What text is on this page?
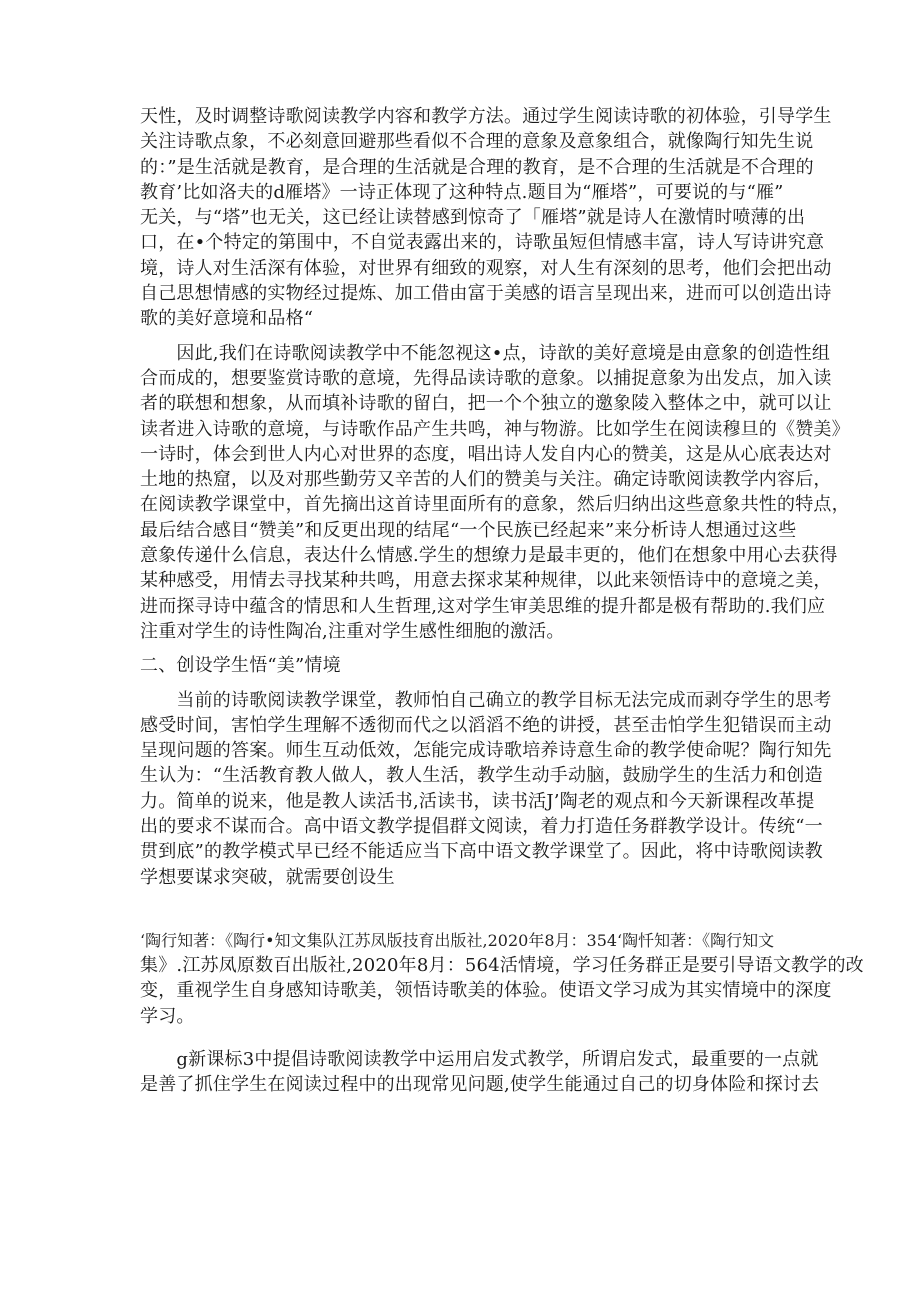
天性，及时调整诗歌阅读教学内容和教学方法。通过学生阅读诗歌的初体验，引导学生
关注诗歌点象，不必刻意回避那些看似不合理的意象及意象组合，就像陶行知先生说
的：”是生活就是教育，是合理的生活就是合理的教育，是不合理的生活就是不合理的
教育’比如洛夫的d雁塔》一诗正体现了这种特点.题目为“雁塔”，可要说的与“雁”
无关，与“塔”也无关，这已经让读替感到惊奇了「雁塔”就是诗人在激情时喷薄的出
口，在•个特定的第围中，不自觉表露出来的，诗歌虽短但情感丰富，诗人写诗讲究意
境，诗人对生活深有体验，对世界有细致的观察，对人生有深刻的思考，他们会把出动
自己思想情感的实物经过提炼、加工借由富于美感的语言呈现出来，进而可以创造出诗
歌的美好意境和品格“
　　因此,我们在诗歌阅读教学中不能忽视这•点，诗歆的美好意境是由意象的创造性组
合而成的，想要鉴赏诗歌的意境，先得品读诗歌的意象。以捕捉意象为出发点，加入读
者的联想和想象，从而填补诗歌的留白，把一个个独立的邀象陵入整体之中，就可以让
读者进入诗歌的意境，与诗歌作品产生共鸣，神与物游。比如学生在阅读穆旦的《赞美》
一诗时，体会到世人内心对世界的态度，唱出诗人发自内心的赞美，这是从心底表达对
土地的热窟，以及对那些勤劳又辛苦的人们的赞美与关注。确定诗歌阅读教学内容后，
在阅读教学课堂中，首先摘出这首诗里面所有的意象，然后归纳出这些意象共性的特点，
最后结合感目“赞美”和反更出现的结尾“一个民族已经起来”来分析诗人想通过这些
意象传递什么信息，表达什么情感.学生的想缭力是最丰更的，他们在想象中用心去获得
某种感受，用情去寻找某种共鸣，用意去探求某种规律，以此来领悟诗中的意境之美，
进而探寻诗中蕴含的情思和人生哲理,这对学生审美思维的提升都是极有帮助的.我们应
注重对学生的诗性陶冶,注重对学生感性细胞的激活。
二、创设学生悟“美”情境
　　当前的诗歌阅读教学课堂，教师怕自己确立的教学目标无法完成而剥夺学生的思考
感受时间，害怕学生理解不透彻而代之以滔滔不绝的讲授，甚至击怕学生犯错误而主动
呈现问题的答案。师生互动低效，怎能完成诗歌培养诗意生命的教学使命呢？陶行知先
生认为：“生活教育教人做人，教人生活，教学生动手动脑，鼓励学生的生活力和创造
力。简单的说来，他是教人读活书,活读书，读书活J’陶老的观点和今天新课程改革提
出的要求不谋而合。高中语文教学提倡群文阅读，着力打造任务群教学设计。传统“一
贯到底”的教学模式早已经不能适应当下高中语文教学课堂了。因此，将中诗歌阅读教
学想要谋求突破，就需要创设生
‘陶行知著：《陶行•知文集队江苏凤版技育出版社,2020年8月：354‘陶忏知著：《陶行知文
集》.江苏凤原数百出版社,2020年8月：564活情境，学习任务群正是要引导语文教学的改
变，重视学生自身感知诗歌美，领悟诗歌美的体验。使语文学习成为其实情境中的深度
学习。
　　g新课标3中提倡诗歌阅读教学中运用启发式教学，所谓启发式，最重要的一点就
是善了抓住学生在阅读过程中的出现常见问题,使学生能通过自己的切身体险和探讨去
